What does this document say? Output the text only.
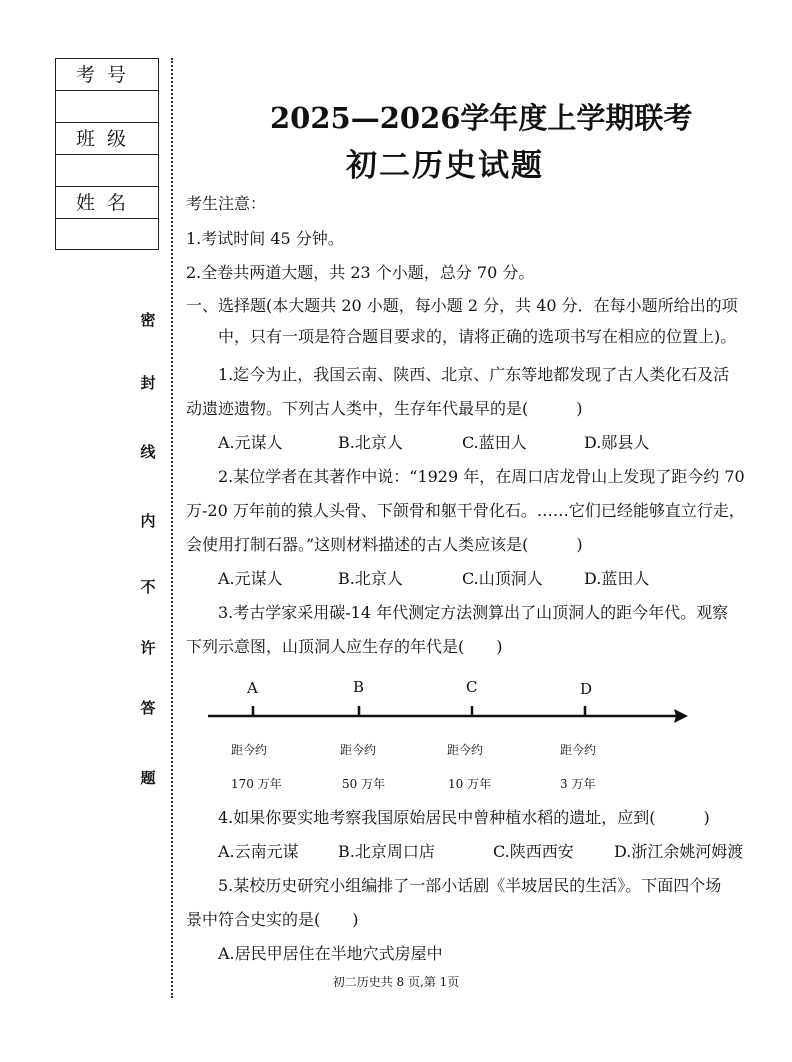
考号
班级
姓名
密
封
线
内
不
许
答
题
2025—2026学年度上学期联考
初二历史试题
考生注意：
1.考试时间 45 分钟。
2.全卷共两道大题，共 23 个小题，总分 70 分。
一、选择题(本大题共 20 小题，每小题 2 分，共 40 分．在每小题所给出的项
中，只有一项是符合题目要求的，请将正确的选项书写在相应的位置上)。
1.迄今为止，我国云南、陕西、北京、广东等地都发现了古人类化石及活
动遗迹遗物。下列古人类中，生存年代最早的是(　　　)
A.元谋人	B.北京人	C.蓝田人	D.郧县人
2.某位学者在其著作中说：“1929 年，在周口店龙骨山上发现了距今约 70
万-20 万年前的猿人头骨、下颌骨和躯干骨化石。……它们已经能够直立行走，
会使用打制石器。”这则材料描述的古人类应该是(　　　)
A.元谋人	B.北京人	C.山顶洞人	D.蓝田人
3.考古学家采用碳-14 年代测定方法测算出了山顶洞人的距今年代。观察
下列示意图，山顶洞人应生存的年代是(　　)
A	B	C	D
距今约	距今约	距今约	距今约
170 万年	50 万年	10 万年	3 万年
4.如果你要实地考察我国原始居民中曾种植水稻的遗址，应到(　　　)
A.云南元谋 B.北京周口店	C.陕西西安	D.浙江余姚河姆渡
5.某校历史研究小组编排了一部小话剧《半坡居民的生活》。下面四个场
景中符合史实的是(　　)
A.居民甲居住在半地穴式房屋中
初二历史共 8 页,第 1页
